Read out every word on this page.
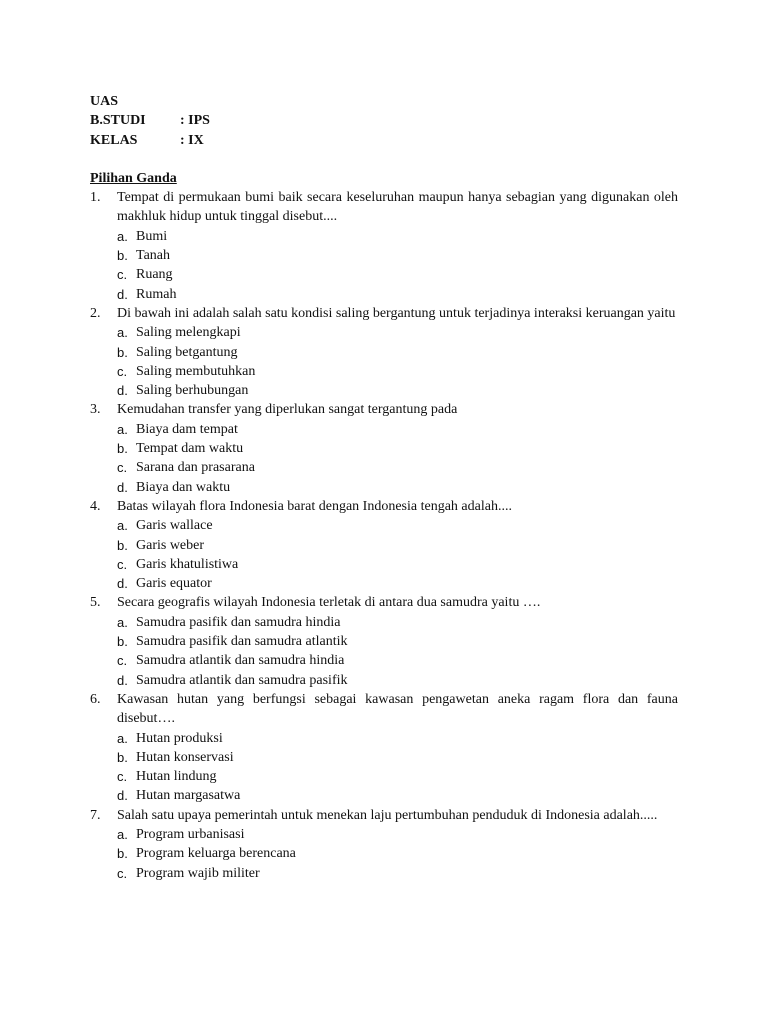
UAS
B.STUDI	: IPS
KELAS	: IX
Pilihan Ganda
1.	Tempat di permukaan bumi baik secara keseluruhan maupun hanya sebagian yang digunakan oleh makhluk hidup untuk tinggal disebut....
a. Bumi
b. Tanah
c. Ruang
d. Rumah
2.	Di bawah ini adalah salah satu kondisi saling bergantung untuk terjadinya interaksi keruangan yaitu
a. Saling melengkapi
b. Saling betgantung
c. Saling membutuhkan
d. Saling berhubungan
3.	Kemudahan transfer yang diperlukan sangat tergantung pada
a. Biaya dam tempat
b. Tempat dam waktu
c. Sarana dan prasarana
d. Biaya dan waktu
4.	Batas wilayah flora Indonesia barat dengan Indonesia tengah adalah....
a. Garis wallace
b. Garis weber
c. Garis khatulistiwa
d. Garis equator
5.	Secara geografis wilayah Indonesia terletak di antara dua samudra yaitu ….
a. Samudra pasifik dan samudra hindia
b. Samudra pasifik dan samudra atlantik
c. Samudra atlantik dan samudra hindia
d. Samudra atlantik dan samudra pasifik
6.	Kawasan hutan yang berfungsi sebagai kawasan pengawetan aneka ragam flora dan fauna disebut….
a. Hutan produksi
b. Hutan konservasi
c. Hutan lindung
d. Hutan margasatwa
7.	Salah satu upaya pemerintah untuk menekan laju pertumbuhan penduduk di Indonesia adalah.....
a. Program urbanisasi
b. Program keluarga berencana
c. Program wajib militer
